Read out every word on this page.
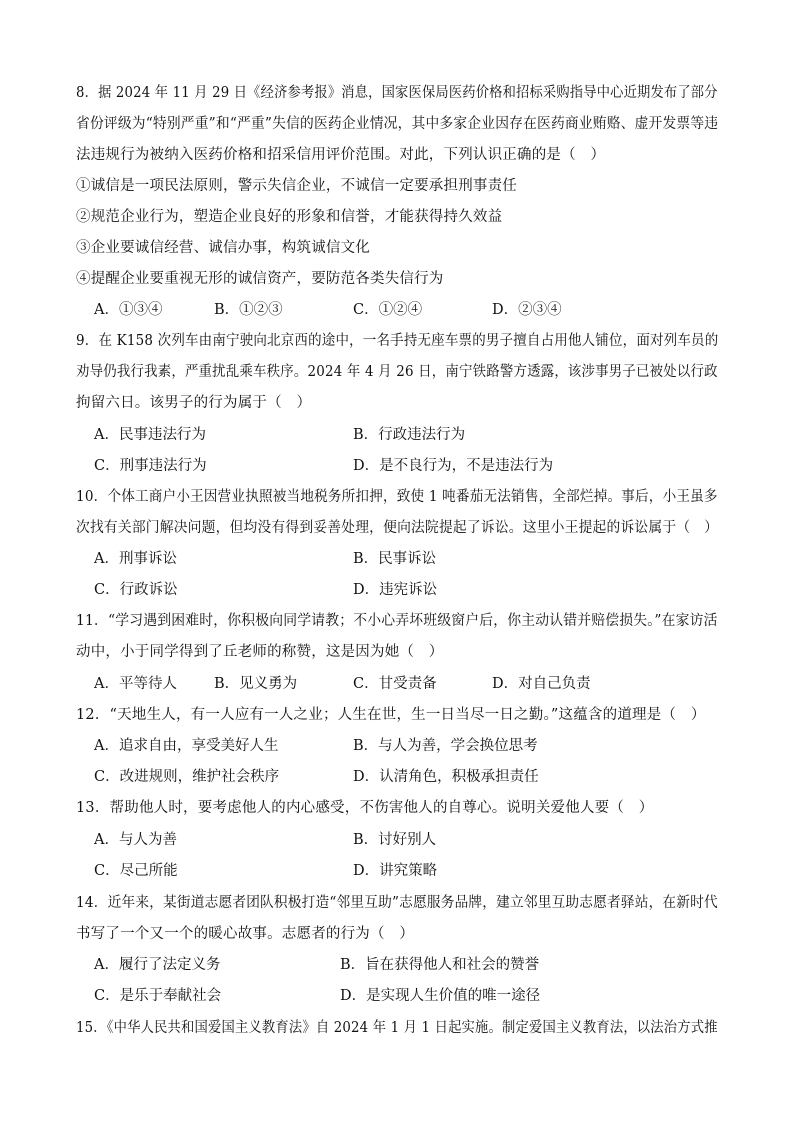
8．据 2024 年 11 月 29 日《经济参考报》消息，国家医保局医药价格和招标采购指导中心近期发布了部分
省份评级为“特别严重”和“严重”失信的医药企业情况，其中多家企业因存在医药商业贿赂、虚开发票等违
法违规行为被纳入医药价格和招采信用评价范围。对此，下列认识正确的是（　）
①诚信是一项民法原则，警示失信企业，不诚信一定要承担刑事责任
②规范企业行为，塑造企业良好的形象和信誉，才能获得持久效益
③企业要诚信经营、诚信办事，构筑诚信文化
④提醒企业要重视无形的诚信资产，要防范各类失信行为
A．①③④	B．①②③	C．①②④	D．②③④
9．在 K158 次列车由南宁驶向北京西的途中，一名手持无座车票的男子擅自占用他人铺位，面对列车员的
劝导仍我行我素，严重扰乱乘车秩序。2024 年 4 月 26 日，南宁铁路警方透露，该涉事男子已被处以行政
拘留六日。该男子的行为属于（　）
A．民事违法行为	B．行政违法行为
C．刑事违法行为	D．是不良行为，不是违法行为
10．个体工商户小王因营业执照被当地税务所扣押，致使 1 吨番茄无法销售，全部烂掉。事后，小王虽多
次找有关部门解决问题，但均没有得到妥善处理，便向法院提起了诉讼。这里小王提起的诉讼属于（　）
A．刑事诉讼	B．民事诉讼
C．行政诉讼	D．违宪诉讼
11．“学习遇到困难时，你积极向同学请教；不小心弄坏班级窗户后，你主动认错并赔偿损失。”在家访活
动中，小于同学得到了丘老师的称赞，这是因为她（　）
A．平等待人	B．见义勇为	C．甘受责备	D．对自己负责
12．“天地生人，有一人应有一人之业；人生在世，生一日当尽一日之勤。”这蕴含的道理是（　）
A．追求自由，享受美好人生	B．与人为善，学会换位思考
C．改进规则，维护社会秩序	D．认清角色，积极承担责任
13．帮助他人时，要考虑他人的内心感受，不伤害他人的自尊心。说明关爱他人要（　）
A．与人为善	B．讨好别人
C．尽己所能	D．讲究策略
14．近年来，某街道志愿者团队积极打造“邻里互助”志愿服务品牌，建立邻里互助志愿者驿站，在新时代
书写了一个又一个的暖心故事。志愿者的行为（　）
A．履行了法定义务	B．旨在获得他人和社会的赞誉
C．是乐于奉献社会	D．是实现人生价值的唯一途径
15．《中华人民共和国爱国主义教育法》自 2024 年 1 月 1 日起实施。制定爱国主义教育法，以法治方式推
